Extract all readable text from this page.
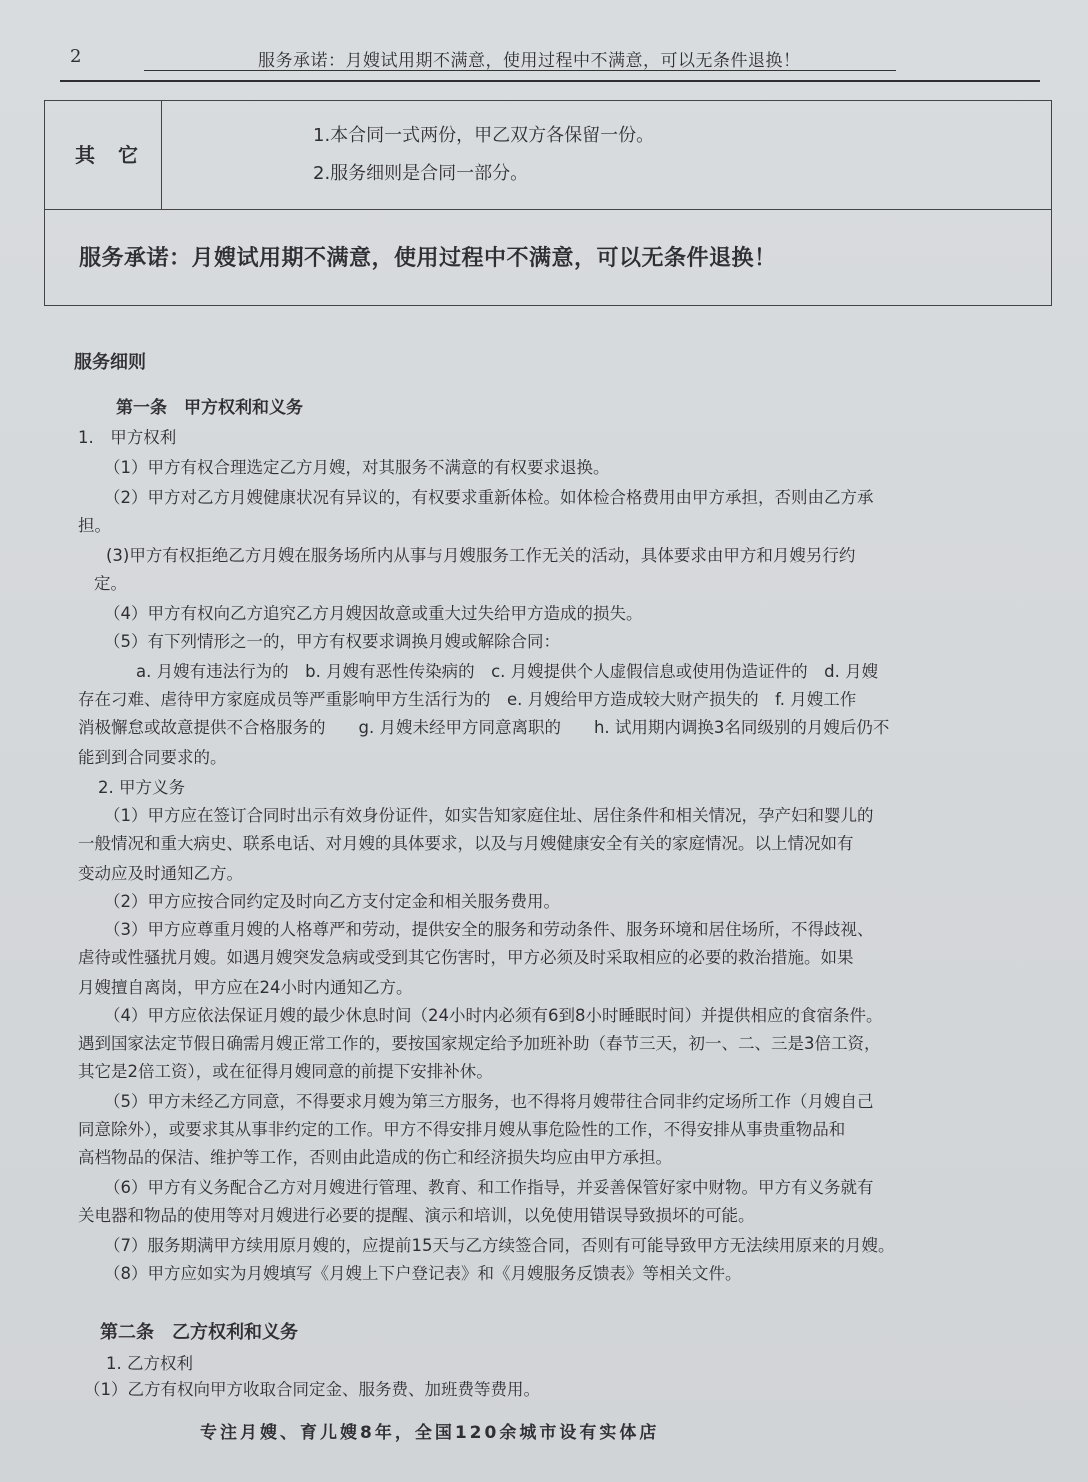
2	服务承诺：月嫂试用期不满意，使用过程中不满意，可以无条件退换！
其 它
1.本合同一式两份，甲乙双方各保留一份。
2.服务细则是合同一部分。
服务承诺：月嫂试用期不满意，使用过程中不满意，可以无条件退换！
服务细则
第一条　甲方权利和义务
1.　甲方权利
（1）甲方有权合理选定乙方月嫂，对其服务不满意的有权要求退换。
（2）甲方对乙方月嫂健康状况有异议的，有权要求重新体检。如体检合格费用由甲方承担，否则由乙方承
担。
(3)甲方有权拒绝乙方月嫂在服务场所内从事与月嫂服务工作无关的活动，具体要求由甲方和月嫂另行约
定。
（4）甲方有权向乙方追究乙方月嫂因故意或重大过失给甲方造成的损失。
（5）有下列情形之一的，甲方有权要求调换月嫂或解除合同：
a. 月嫂有违法行为的　b. 月嫂有恶性传染病的　c. 月嫂提供个人虚假信息或使用伪造证件的　d. 月嫂
存在刁难、虐待甲方家庭成员等严重影响甲方生活行为的　e. 月嫂给甲方造成较大财产损失的　f. 月嫂工作
消极懈怠或故意提供不合格服务的　　g. 月嫂未经甲方同意离职的　　h. 试用期内调换3名同级别的月嫂后仍不
能到到合同要求的。
2. 甲方义务
（1）甲方应在签订合同时出示有效身份证件，如实告知家庭住址、居住条件和相关情况，孕产妇和婴儿的
一般情况和重大病史、联系电话、对月嫂的具体要求，以及与月嫂健康安全有关的家庭情况。以上情况如有
变动应及时通知乙方。
（2）甲方应按合同约定及时向乙方支付定金和相关服务费用。
（3）甲方应尊重月嫂的人格尊严和劳动，提供安全的服务和劳动条件、服务环境和居住场所，不得歧视、
虐待或性骚扰月嫂。如遇月嫂突发急病或受到其它伤害时，甲方必须及时采取相应的必要的救治措施。如果
月嫂擅自离岗，甲方应在24小时内通知乙方。
（4）甲方应依法保证月嫂的最少休息时间（24小时内必须有6到8小时睡眠时间）并提供相应的食宿条件。
遇到国家法定节假日确需月嫂正常工作的，要按国家规定给予加班补助（春节三天，初一、二、三是3倍工资，
其它是2倍工资），或在征得月嫂同意的前提下安排补休。
（5）甲方未经乙方同意，不得要求月嫂为第三方服务，也不得将月嫂带往合同非约定场所工作（月嫂自己
同意除外），或要求其从事非约定的工作。甲方不得安排月嫂从事危险性的工作，不得安排从事贵重物品和
高档物品的保洁、维护等工作，否则由此造成的伤亡和经济损失均应由甲方承担。
（6）甲方有义务配合乙方对月嫂进行管理、教育、和工作指导，并妥善保管好家中财物。甲方有义务就有
关电器和物品的使用等对月嫂进行必要的提醒、演示和培训，以免使用错误导致损坏的可能。
（7）服务期满甲方续用原月嫂的，应提前15天与乙方续签合同，否则有可能导致甲方无法续用原来的月嫂。
（8）甲方应如实为月嫂填写《月嫂上下户登记表》和《月嫂服务反馈表》等相关文件。
第二条　乙方权利和义务
1. 乙方权利
（1）乙方有权向甲方收取合同定金、服务费、加班费等费用。
专注月嫂、育儿嫂8年，全国120余城市设有实体店
